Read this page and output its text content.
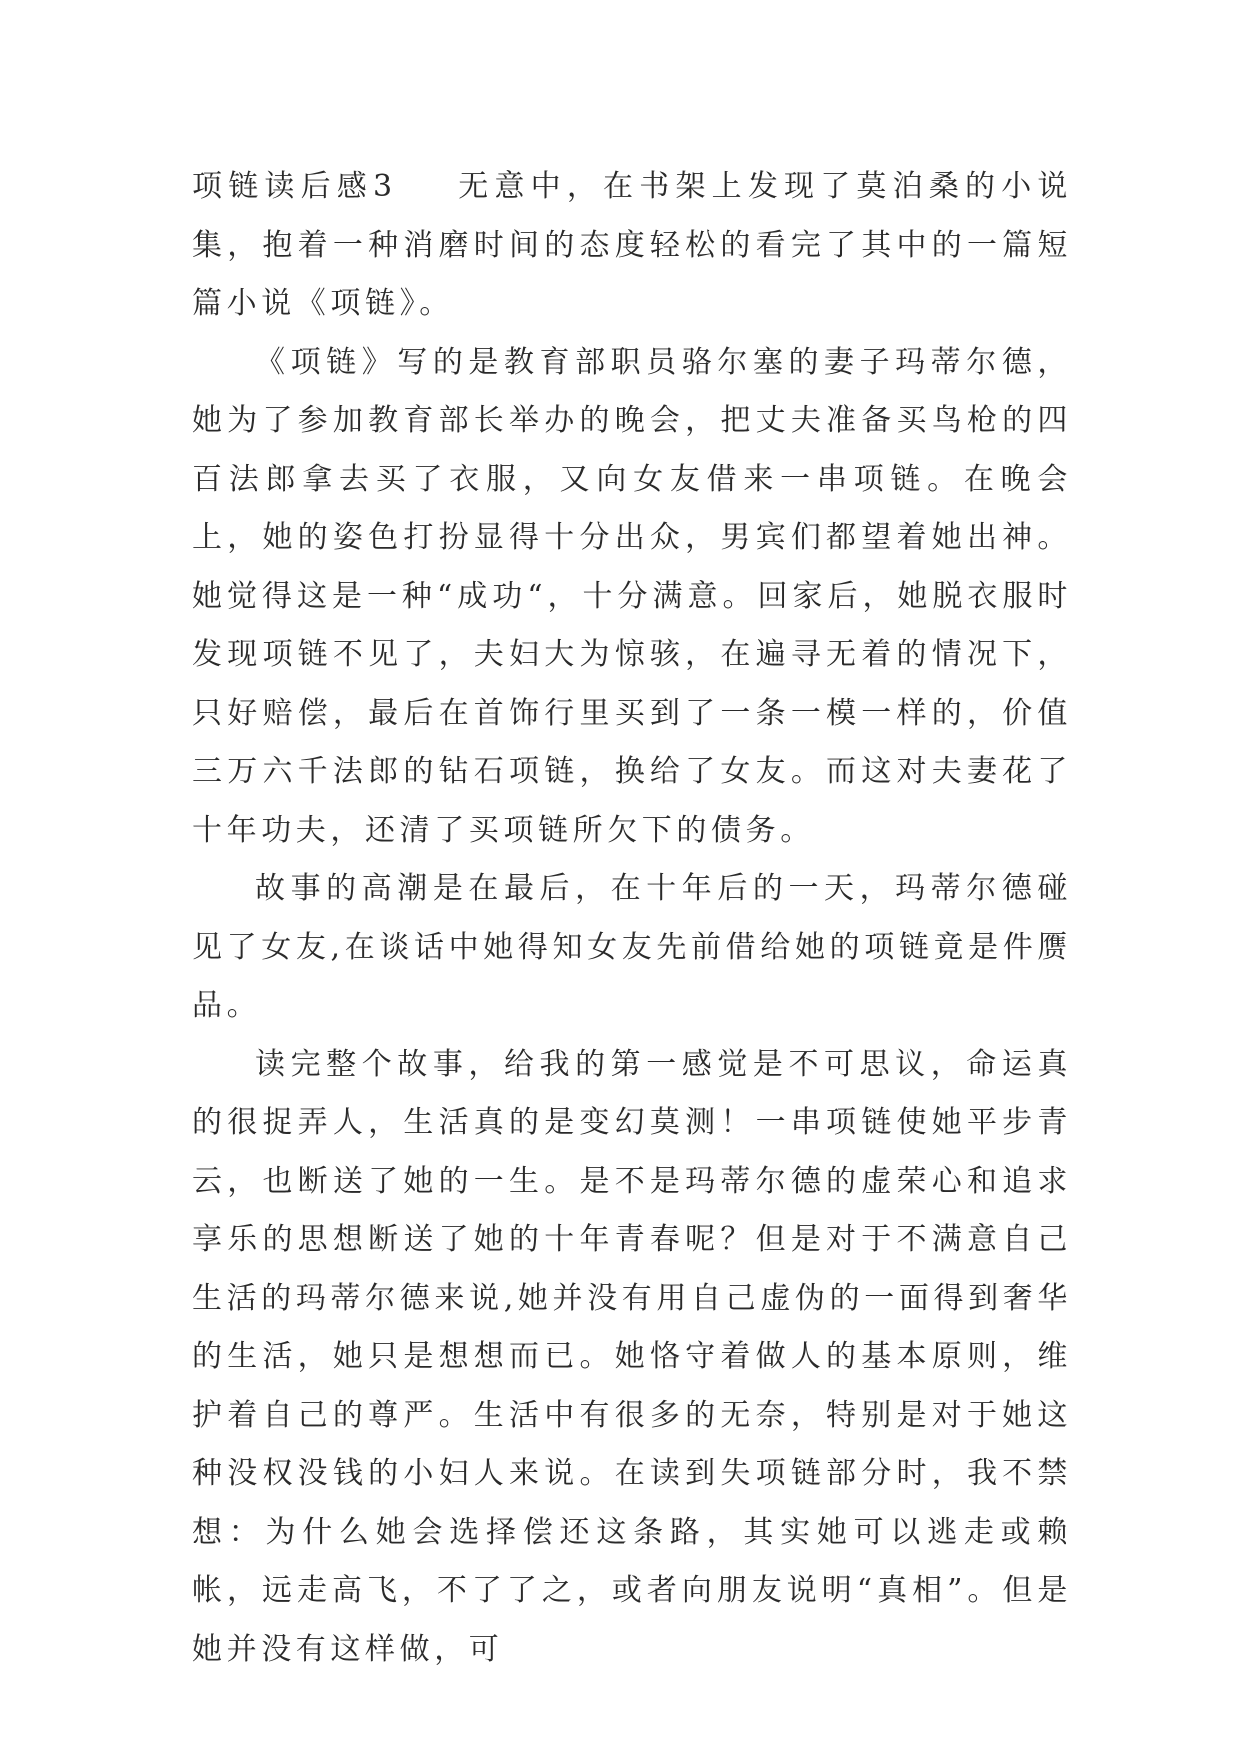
项链读后感3 无意中，在书架上发现了莫泊桑的小说集，抱着一种消磨时间的态度轻松的看完了其中的一篇短篇小说《项链》。

《项链》写的是教育部职员骆尔塞的妻子玛蒂尔德，她为了参加教育部长举办的晚会，把丈夫准备买鸟枪的四百法郎拿去买了衣服，又向女友借来一串项链。在晚会上，她的姿色打扮显得十分出众，男宾们都望着她出神。她觉得这是一种“成功“，十分满意。回家后，她脱衣服时发现项链不见了，夫妇大为惊骇，在遍寻无着的情况下，只好赔偿，最后在首饰行里买到了一条一模一样的，价值三万六千法郎的钻石项链，换给了女友。而这对夫妻花了十年功夫，还清了买项链所欠下的债务。

故事的高潮是在最后，在十年后的一天，玛蒂尔德碰见了女友,在谈话中她得知女友先前借给她的项链竟是件赝品。

读完整个故事，给我的第一感觉是不可思议，命运真的很捉弄人，生活真的是变幻莫测！一串项链使她平步青云，也断送了她的一生。是不是玛蒂尔德的虚荣心和追求享乐的思想断送了她的十年青春呢？但是对于不满意自己生活的玛蒂尔德来说,她并没有用自己虚伪的一面得到奢华的生活，她只是想想而已。她恪守着做人的基本原则，维护着自己的尊严。生活中有很多的无奈，特别是对于她这种没权没钱的小妇人来说。在读到失项链部分时，我不禁想：为什么她会选择偿还这条路，其实她可以逃走或赖帐，远走高飞，不了了之，或者向朋友说明“真相”。但是她并没有这样做，可
